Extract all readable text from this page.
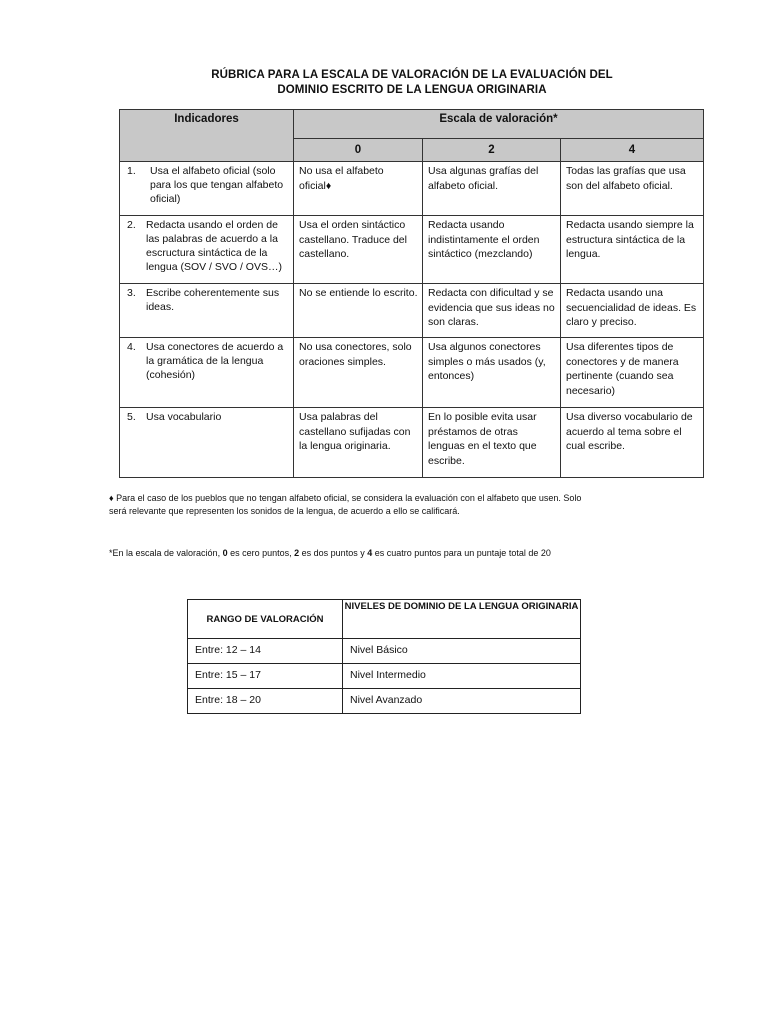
RÚBRICA PARA LA ESCALA DE VALORACIÓN DE LA EVALUACIÓN DEL
DOMINIO ESCRITO DE LA LENGUA ORIGINARIA
Indicadores	Escala de valoración*		
	0	2	4

1. Usa el alfabeto oficial (solo para los que tengan alfabeto oficial)	No usa el alfabeto oficial♦	Usa algunas grafías del alfabeto oficial.	Todas las grafías que usa son del alfabeto oficial.

2. Redacta usando el orden de las palabras de acuerdo a la escructura sintáctica de la lengua (SOV / SVO / OVS…)	Usa el orden sintáctico castellano. Traduce del castellano.	Redacta usando indistintamente el orden sintáctico (mezclando)	Redacta usando siempre la estructura sintáctica de la lengua.

3. Escribe coherentemente sus ideas.	No se entiende lo escrito.	Redacta con dificultad y se evidencia que sus ideas no son claras.	Redacta usando una secuencialidad de ideas. Es claro y preciso.

4. Usa conectores de acuerdo a la gramática de la lengua (cohesión)	No usa conectores, solo oraciones simples.	Usa algunos conectores simples o más usados (y, entonces)	Usa diferentes tipos de conectores y de manera pertinente (cuando sea necesario)

5. Usa vocabulario	Usa palabras del castellano sufijadas con la lengua originaria.	En lo posible evita usar préstamos de otras lenguas en el texto que escribe.	Usa diverso vocabulario de acuerdo al tema sobre el cual escribe.
♦ Para el caso de los pueblos que no tengan alfabeto oficial, se considera la evaluación con el alfabeto que usen. Solo
será relevante que representen los sonidos de la lengua, de acuerdo a ello se calificará.
*En la escala de valoración, 0 es cero puntos, 2 es dos puntos y 4 es cuatro puntos para un puntaje total de 20
RANGO DE VALORACIÓN	NIVELES DE DOMINIO DE LA LENGUA ORIGINARIA
Entre: 12 – 14	Nivel Básico
Entre: 15 – 17	Nivel Intermedio
Entre: 18 – 20	Nivel Avanzado
